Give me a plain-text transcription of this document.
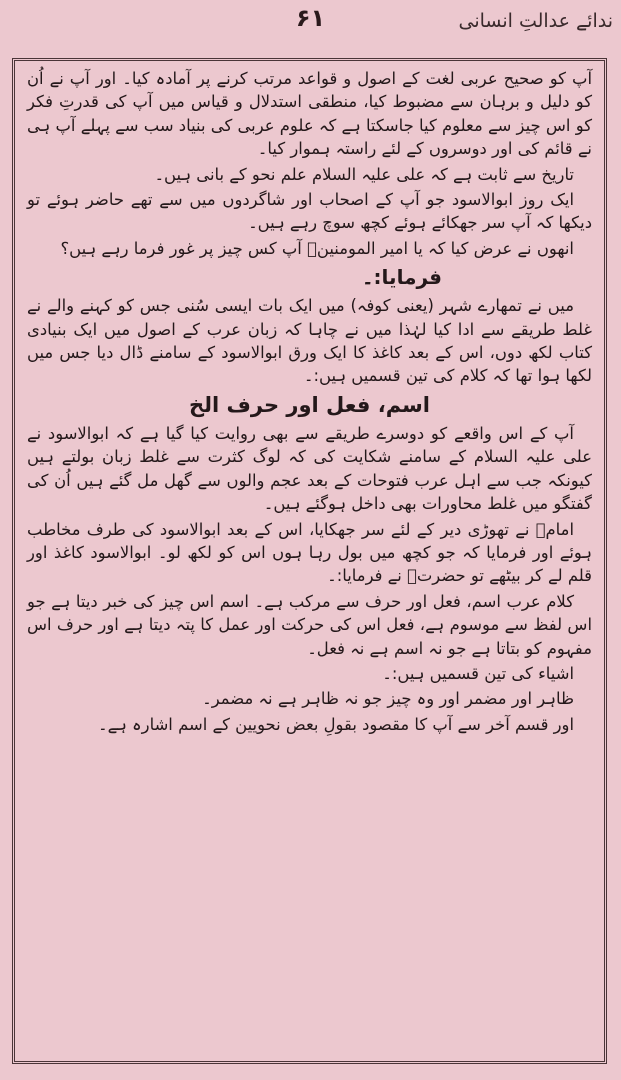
ندائے عدالتِ انسانی
۶۱

آپ کو صحیح عربی لغت کے اصول و قواعد مرتب کرنے پر آمادہ کیا۔ اور آپ نے اُن کو دلیل و برہان سے مضبوط کیا، منطقی استدلال و قیاس میں آپ کی قدرتِ فکر کو اس چیز سے معلوم کیا جاسکتا ہے کہ علوم عربی کی بنیاد سب سے پہلے آپ ہی نے قائم کی اور دوسروں کے لئے راستہ ہموار کیا۔

تاریخ سے ثابت ہے کہ علی علیہ السلام علم نحو کے بانی ہیں۔

ایک روز ابوالاسود جو آپ کے اصحاب اور شاگردوں میں سے تھے حاضر ہوئے تو دیکھا کہ آپ سر جھکائے ہوئے کچھ سوچ رہے ہیں۔

انھوں نے عرض کیا کہ یا امیر المومنینؑ آپ کس چیز پر غور فرما رہے ہیں؟

فرمایا:۔

میں نے تمھارے شہر (یعنی کوفہ) میں ایک بات ایسی سُنی جس کو کہنے والے نے غلط طریقے سے ادا کیا لہٰذا میں نے چاہا کہ زبان عرب کے اصول میں ایک بنیادی کتاب لکھ دوں، اس کے بعد کاغذ کا ایک ورق ابوالاسود کے سامنے ڈال دیا جس میں لکھا ہوا تھا کہ کلام کی تین قسمیں ہیں:۔

اسم، فعل اور حرف الخ

آپ کے اس واقعے کو دوسرے طریقے سے بھی روایت کیا گیا ہے کہ ابوالاسود نے علی علیہ السلام کے سامنے شکایت کی کہ لوگ کثرت سے غلط زبان بولتے ہیں کیونکہ جب سے اہل عرب فتوحات کے بعد عجم والوں سے گھل مل گئے ہیں اُن کی گفتگو میں غلط محاورات بھی داخل ہوگئے ہیں۔

امامؑ نے تھوڑی دیر کے لئے سر جھکایا، اس کے بعد ابوالاسود کی طرف مخاطب ہوئے اور فرمایا کہ جو کچھ میں بول رہا ہوں اس کو لکھ لو۔ ابوالاسود کاغذ اور قلم لے کر بیٹھے تو حضرتؑ نے فرمایا:۔

کلام عرب اسم، فعل اور حرف سے مرکب ہے۔ اسم اس چیز کی خبر دیتا ہے جو اس لفظ سے موسوم ہے، فعل اس کی حرکت اور عمل کا پتہ دیتا ہے اور حرف اس مفہوم کو بتاتا ہے جو نہ اسم ہے نہ فعل۔

اشیاء کی تین قسمیں ہیں:۔

ظاہر اور مضمر اور وہ چیز جو نہ ظاہر ہے نہ مضمر۔

اور قسم آخر سے آپ کا مقصود بقولِ بعض نحویین کے اسم اشارہ ہے۔
